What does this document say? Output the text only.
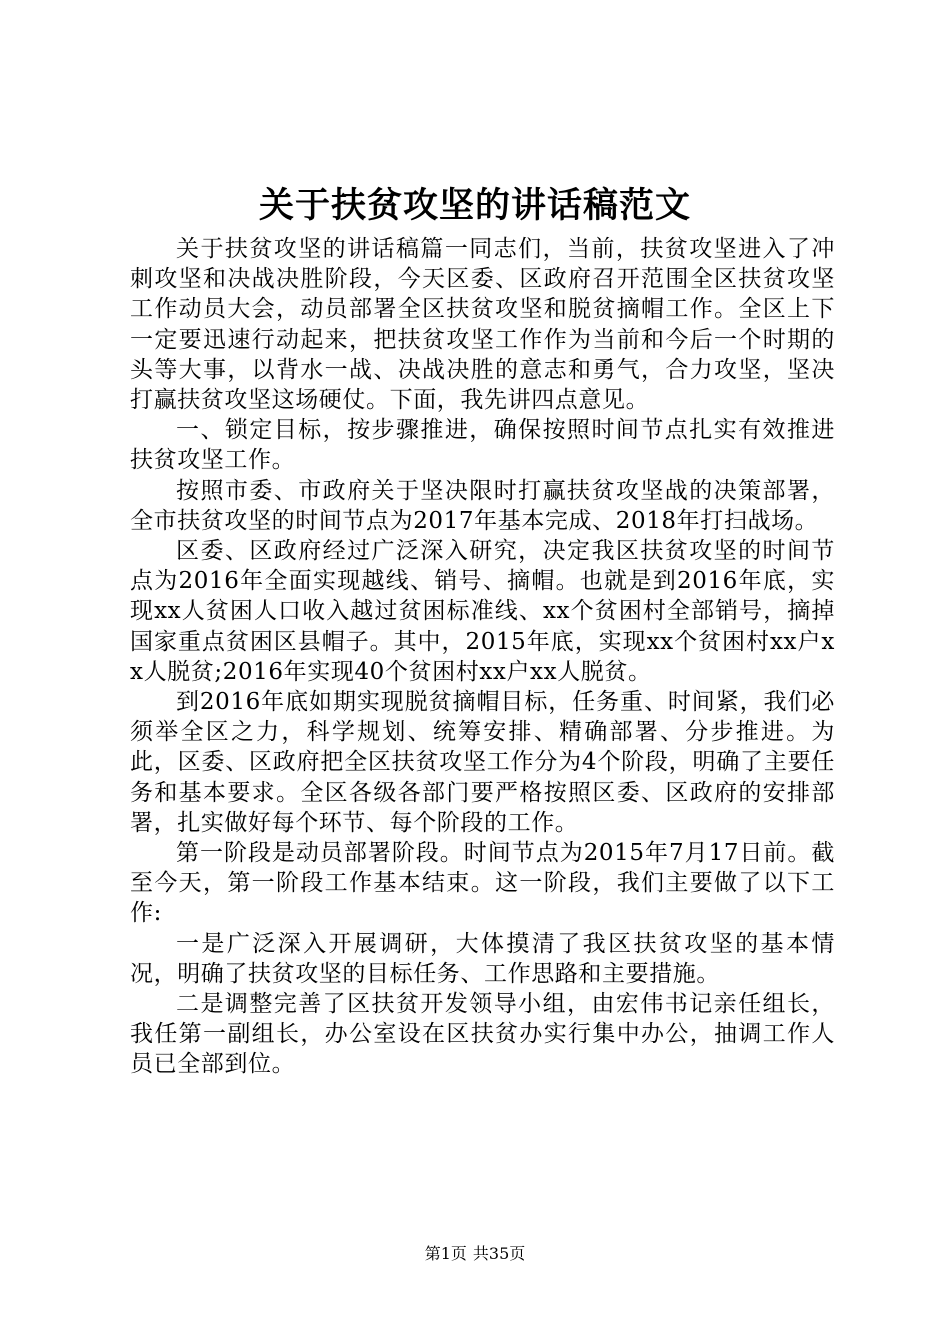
关于扶贫攻坚的讲话稿范文

关于扶贫攻坚的讲话稿篇一同志们，当前，扶贫攻坚进入了冲刺攻坚和决战决胜阶段，今天区委、区政府召开范围全区扶贫攻坚工作动员大会，动员部署全区扶贫攻坚和脱贫摘帽工作。全区上下一定要迅速行动起来，把扶贫攻坚工作作为当前和今后一个时期的头等大事，以背水一战、决战决胜的意志和勇气，合力攻坚，坚决打赢扶贫攻坚这场硬仗。下面，我先讲四点意见。

一、锁定目标，按步骤推进，确保按照时间节点扎实有效推进扶贫攻坚工作。

按照市委、市政府关于坚决限时打赢扶贫攻坚战的决策部署，全市扶贫攻坚的时间节点为2017年基本完成、2018年打扫战场。

区委、区政府经过广泛深入研究，决定我区扶贫攻坚的时间节点为2016年全面实现越线、销号、摘帽。也就是到2016年底，实现xx人贫困人口收入越过贫困标准线、xx个贫困村全部销号，摘掉国家重点贫困区县帽子。其中，2015年底，实现xx个贫困村xx户xx人脱贫;2016年实现40个贫困村xx户xx人脱贫。

到2016年底如期实现脱贫摘帽目标，任务重、时间紧，我们必须举全区之力，科学规划、统筹安排、精确部署、分步推进。为此，区委、区政府把全区扶贫攻坚工作分为4个阶段，明确了主要任务和基本要求。全区各级各部门要严格按照区委、区政府的安排部署，扎实做好每个环节、每个阶段的工作。

第一阶段是动员部署阶段。时间节点为2015年7月17日前。截至今天，第一阶段工作基本结束。这一阶段，我们主要做了以下工作:

一是广泛深入开展调研，大体摸清了我区扶贫攻坚的基本情况，明确了扶贫攻坚的目标任务、工作思路和主要措施。

二是调整完善了区扶贫开发领导小组，由宏伟书记亲任组长，我任第一副组长，办公室设在区扶贫办实行集中办公，抽调工作人员已全部到位。

第1页 共35页
